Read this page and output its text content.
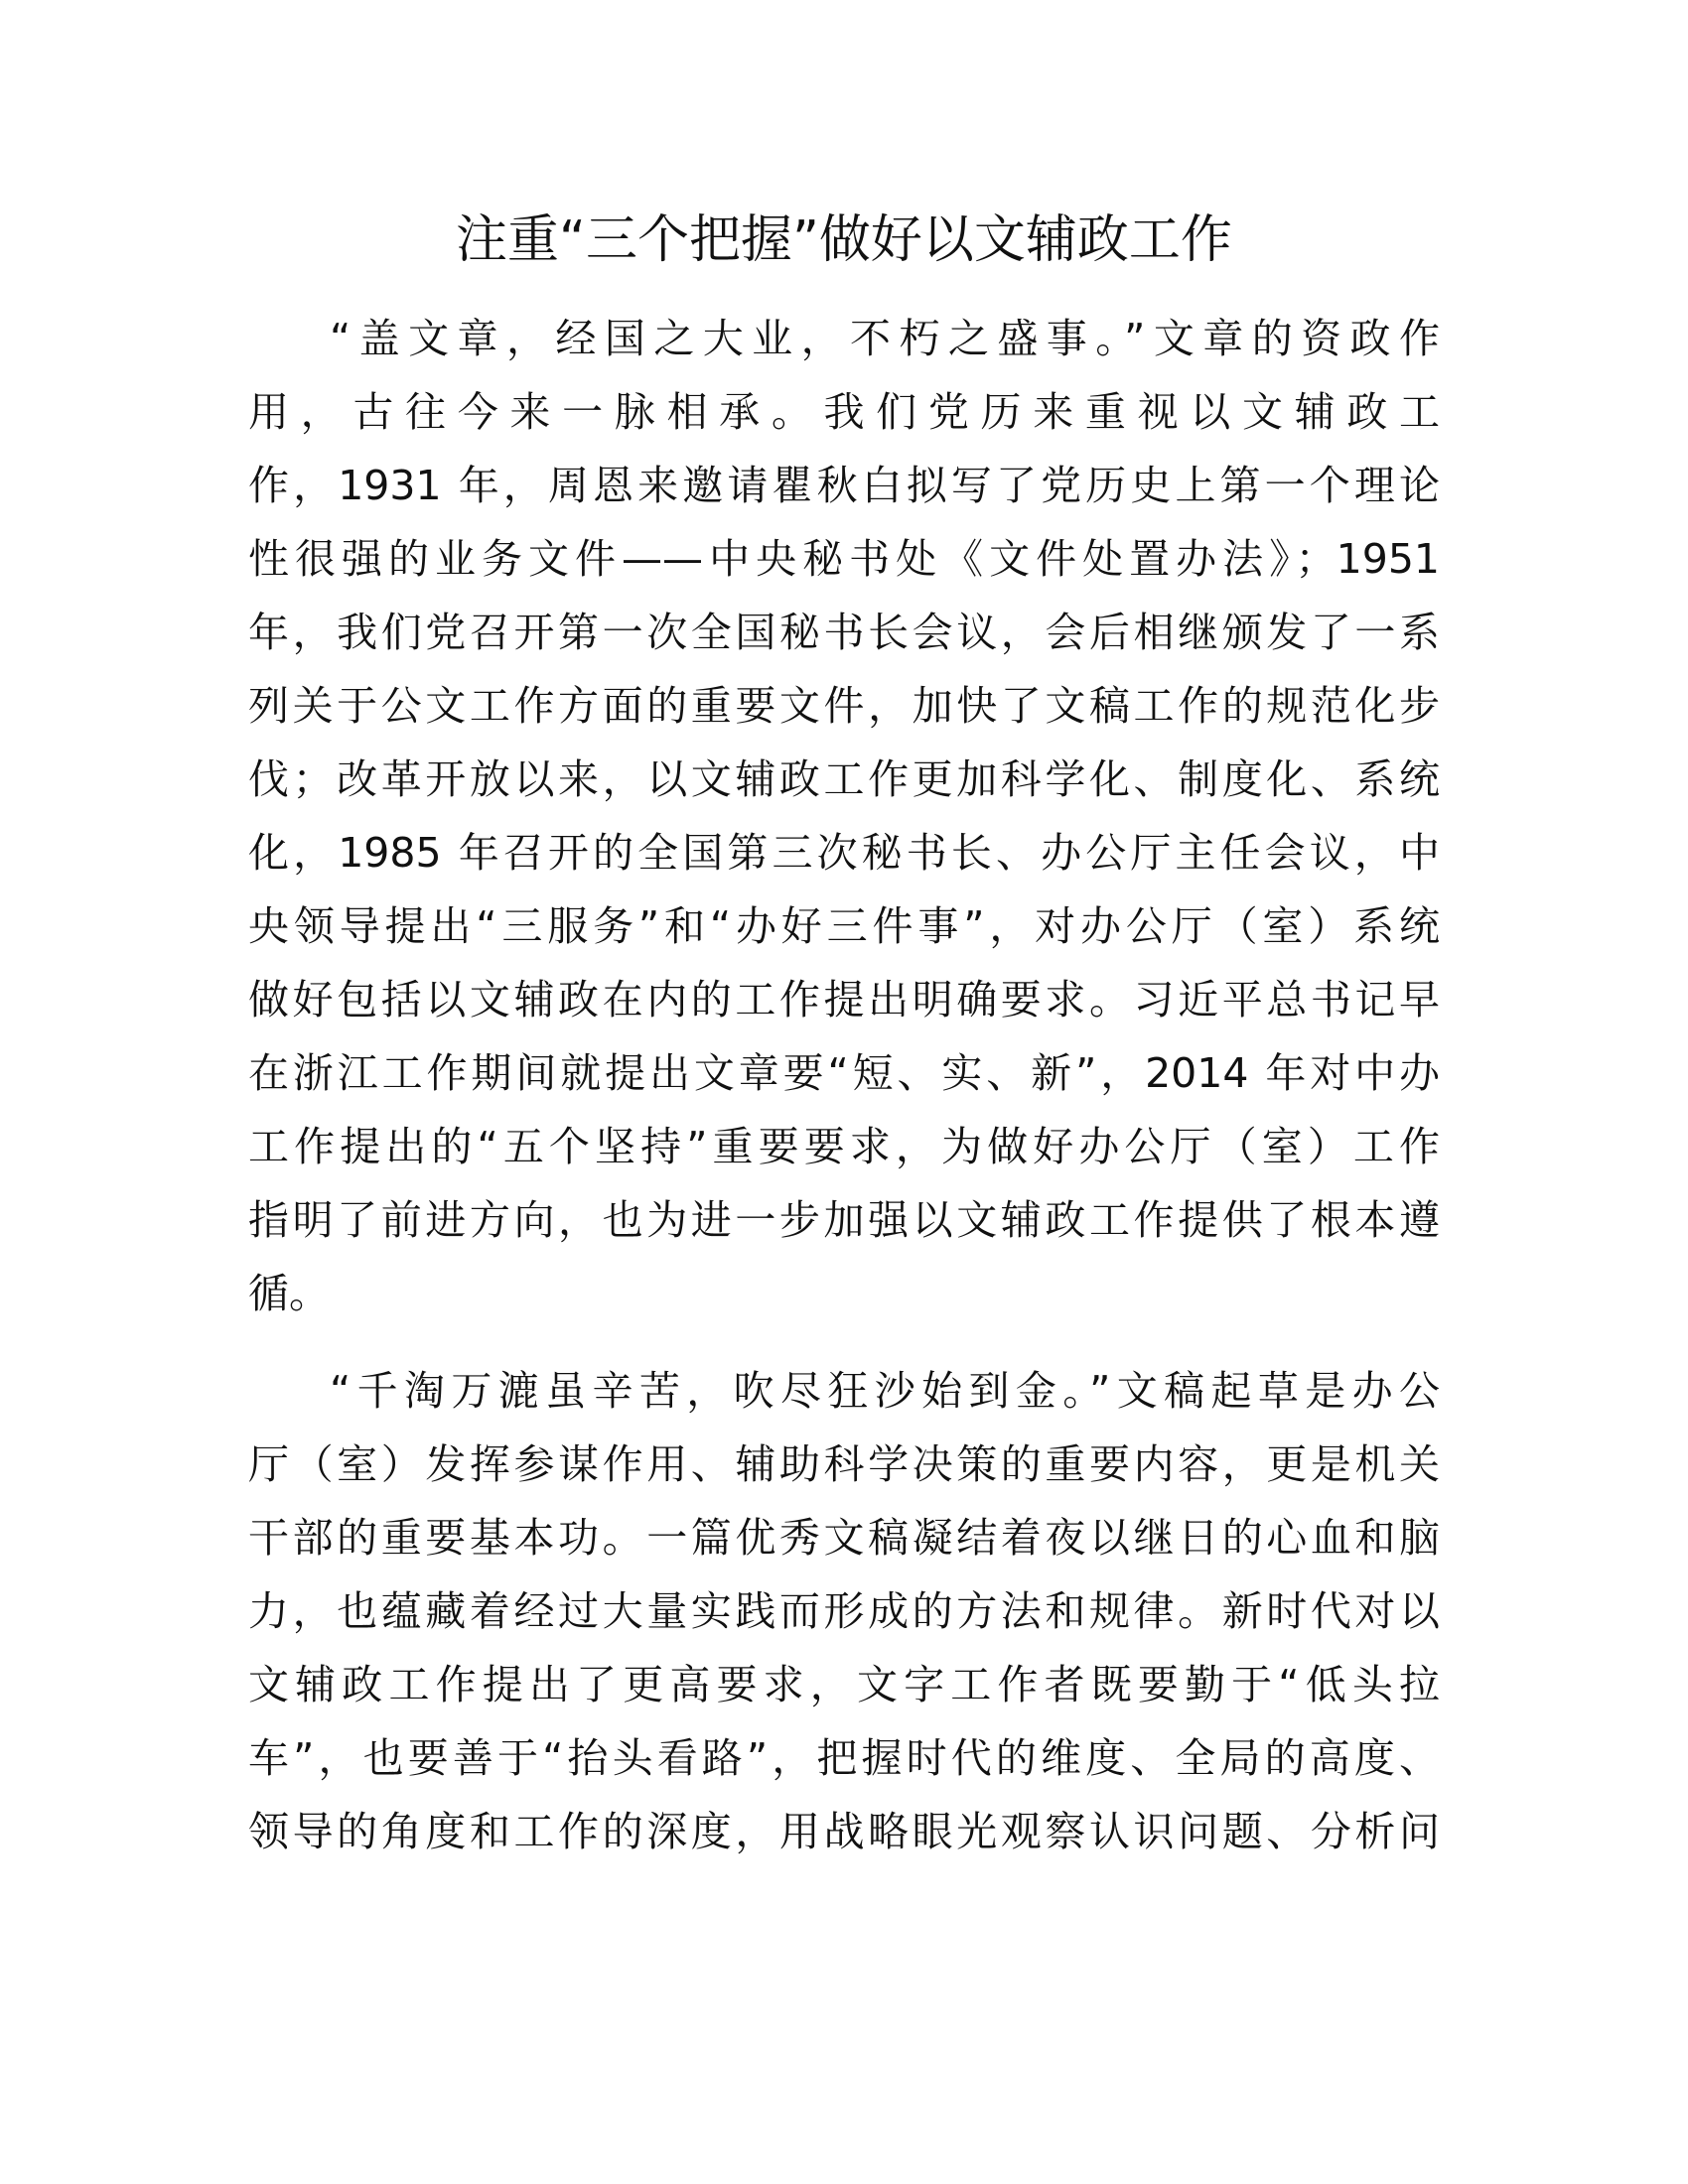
注重“三个把握”做好以文辅政工作

“盖文章，经国之大业，不朽之盛事。”文章的资政作

用，古往今来一脉相承。我们党历来重视以文辅政工

作，1931 年，周恩来邀请瞿秋白拟写了党历史上第一个理论

性很强的业务文件——中央秘书处《文件处置办法》；1951

年，我们党召开第一次全国秘书长会议，会后相继颁发了一系

列关于公文工作方面的重要文件，加快了文稿工作的规范化步

伐；改革开放以来，以文辅政工作更加科学化、制度化、系统

化，1985 年召开的全国第三次秘书长、办公厅主任会议，中

央领导提出“三服务”和“办好三件事”，对办公厅（室）系统

做好包括以文辅政在内的工作提出明确要求。习近平总书记早

在浙江工作期间就提出文章要“短、实、新”，2014 年对中办

工作提出的“五个坚持”重要要求，为做好办公厅（室）工作

指明了前进方向，也为进一步加强以文辅政工作提供了根本遵

循。

“千淘万漉虽辛苦，吹尽狂沙始到金。”文稿起草是办公

厅（室）发挥参谋作用、辅助科学决策的重要内容，更是机关

干部的重要基本功。一篇优秀文稿凝结着夜以继日的心血和脑

力，也蕴藏着经过大量实践而形成的方法和规律。新时代对以

文辅政工作提出了更高要求，文字工作者既要勤于“低头拉

车”，也要善于“抬头看路”，把握时代的维度、全局的高度、

领导的角度和工作的深度，用战略眼光观察认识问题、分析问
